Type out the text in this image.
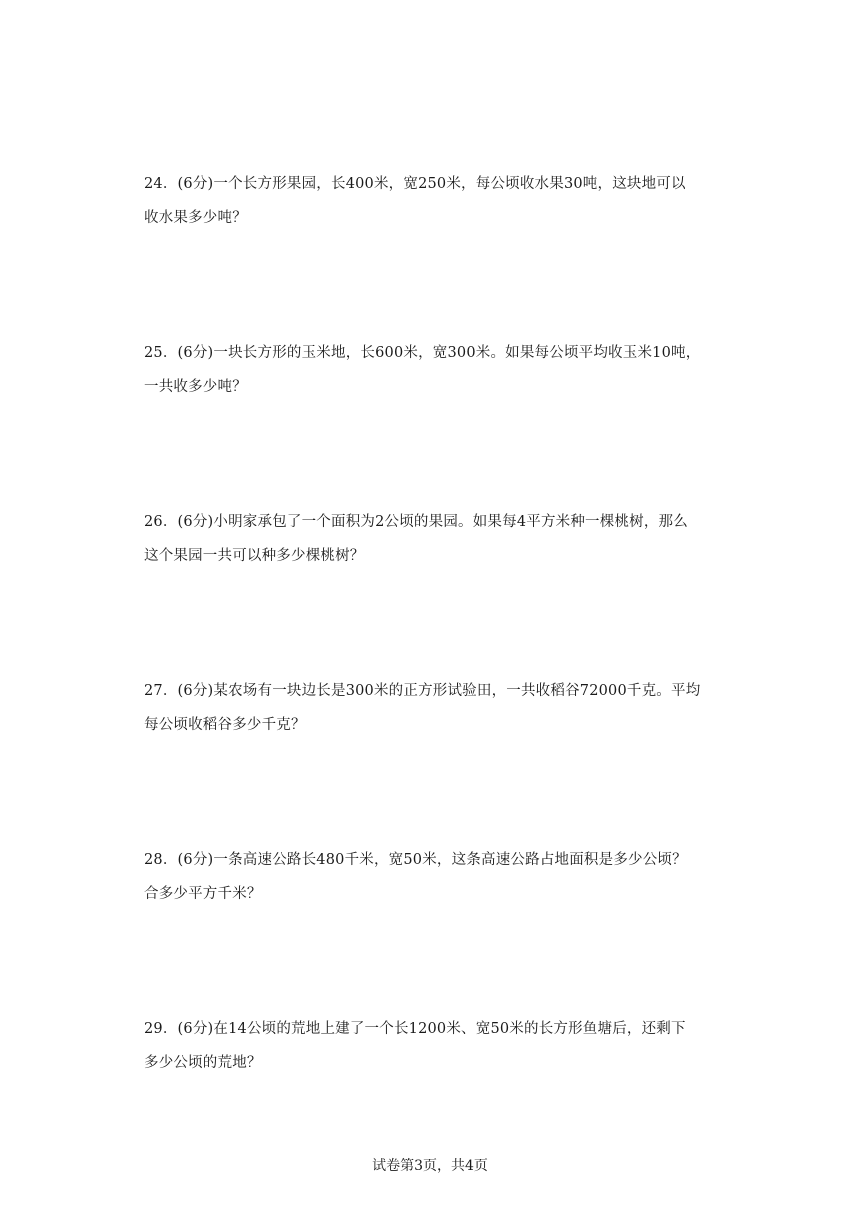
24．(6分)一个长方形果园，长400米，宽250米，每公顷收水果30吨，这块地可以
收水果多少吨？
25．(6分)一块长方形的玉米地，长600米，宽300米。如果每公顷平均收玉米10吨，
一共收多少吨？
26．(6分)小明家承包了一个面积为2公顷的果园。如果每4平方米种一棵桃树，那么
这个果园一共可以种多少棵桃树？
27．(6分)某农场有一块边长是300米的正方形试验田，一共收稻谷72000千克。平均
每公顷收稻谷多少千克？
28．(6分)一条高速公路长480千米，宽50米，这条高速公路占地面积是多少公顷？
合多少平方千米？
29．(6分)在14公顷的荒地上建了一个长1200米、宽50米的长方形鱼塘后，还剩下
多少公顷的荒地？
试卷第3页，共4页
